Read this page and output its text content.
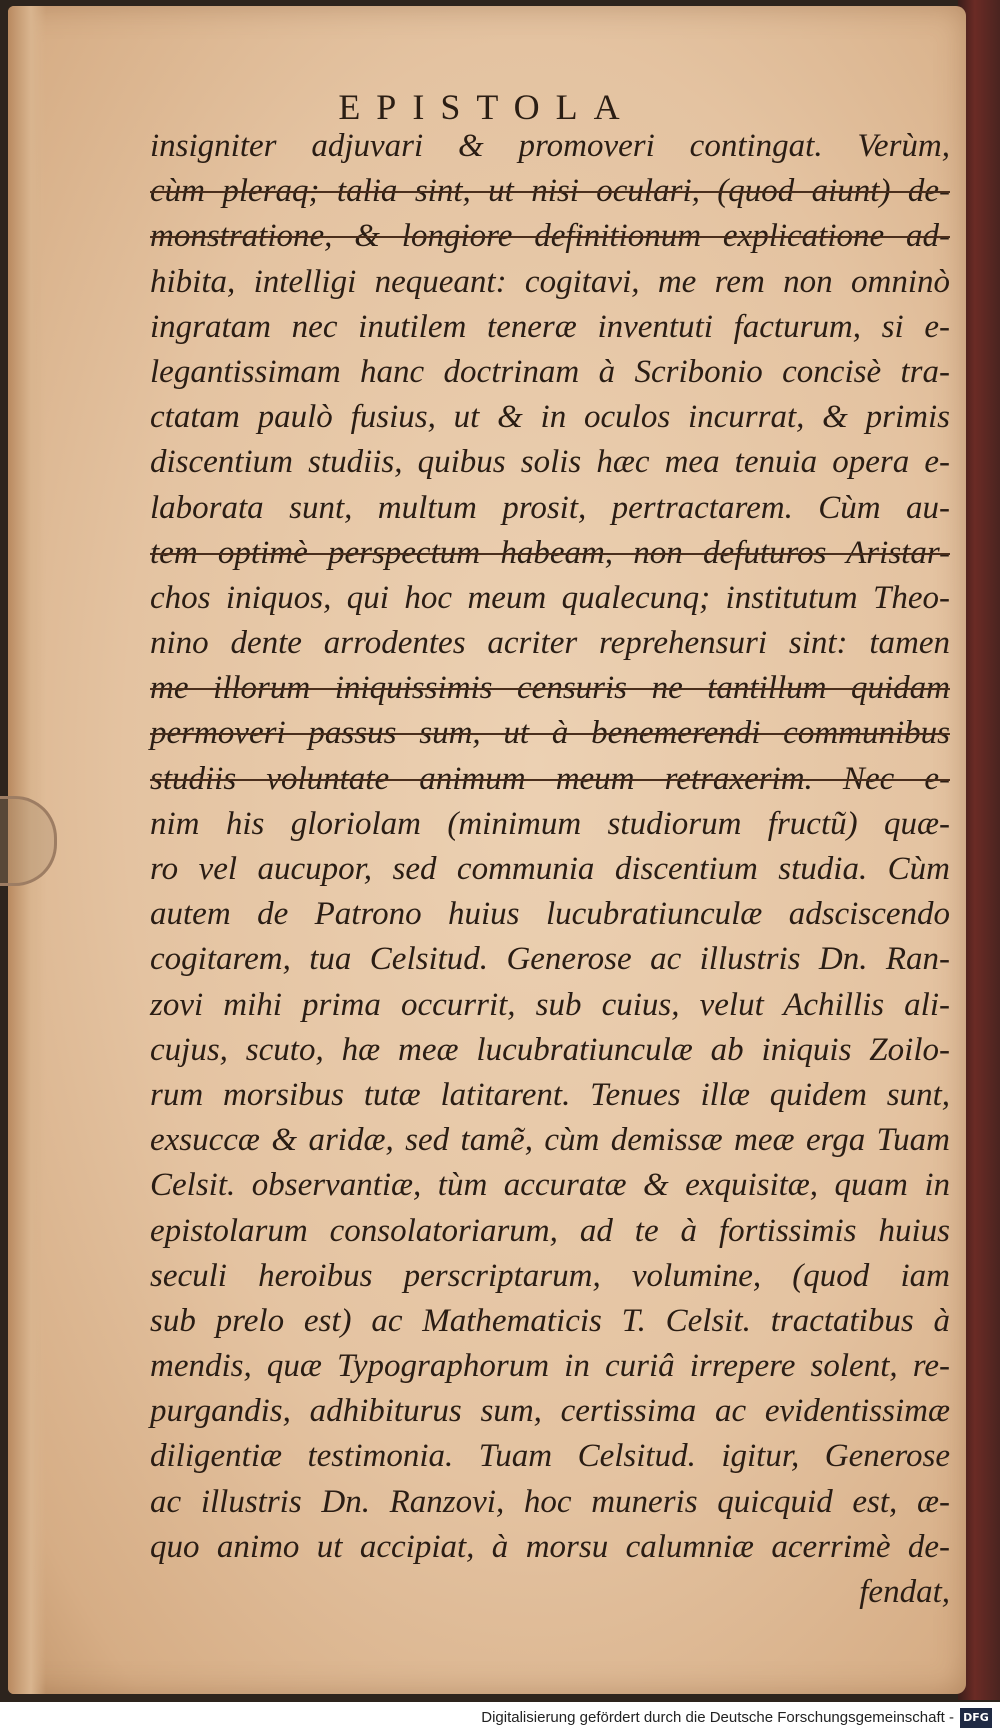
EPISTOLA
insigniter adjuvari & promoveri contingat. Verùm,
cùm pleraq; talia sint, ut nisi oculari, (quod aiunt) de-
monstratione, & longiore definitionum explicatione ad-
hibita, intelligi nequeant: cogitavi, me rem non omninò
ingratam nec inutilem teneræ inventuti facturum, si e-
legantissimam hanc doctrinam à Scribonio concisè tra-
ctatam paulò fusius, ut & in oculos incurrat, & primis
discentium studiis, quibus solis hæc mea tenuia opera e-
laborata sunt, multum prosit, pertractarem. Cùm au-
tem optimè perspectum habeam, non defuturos Aristar-
chos iniquos, qui hoc meum qualecunq; institutum Theo-
nino dente arrodentes acriter reprehensuri sint: tamen
me illorum iniquissimis censuris ne tantillum quidam
permoveri passus sum, ut à benemerendi communibus
studiis voluntate animum meum retraxerim. Nec e-
nim his gloriolam (minimum studiorum fructũ) quæ-
ro vel aucupor, sed communia discentium studia. Cùm
autem de Patrono huius lucubratiunculæ adsciscendo
cogitarem, tua Celsitud. Generose ac illustris Dn. Ran-
zovi mihi prima occurrit, sub cuius, velut Achillis ali-
cujus, scuto, hæ meæ lucubratiunculæ ab iniquis Zoilo-
rum morsibus tutæ latitarent. Tenues illæ quidem sunt,
exsuccæ & aridæ, sed tamẽ, cùm demissæ meæ erga Tuam
Celsit. observantiæ, tùm accuratæ & exquisitæ, quam in
epistolarum consolatoriarum, ad te à fortissimis huius
seculi heroibus perscriptarum, volumine, (quod iam
sub prelo est) ac Mathematicis T. Celsit. tractatibus à
mendis, quæ Typographorum in curiâ irrepere solent, re-
purgandis, adhibiturus sum, certissima ac evidentissimæ
diligentiæ testimonia. Tuam Celsitud. igitur, Generose
ac illustris Dn. Ranzovi, hoc muneris quicquid est, æ-
quo animo ut accipiat, à morsu calumniæ acerrimè de-
fendat,
Digitalisierung gefördert durch die Deutsche Forschungsgemeinschaft - DFG
